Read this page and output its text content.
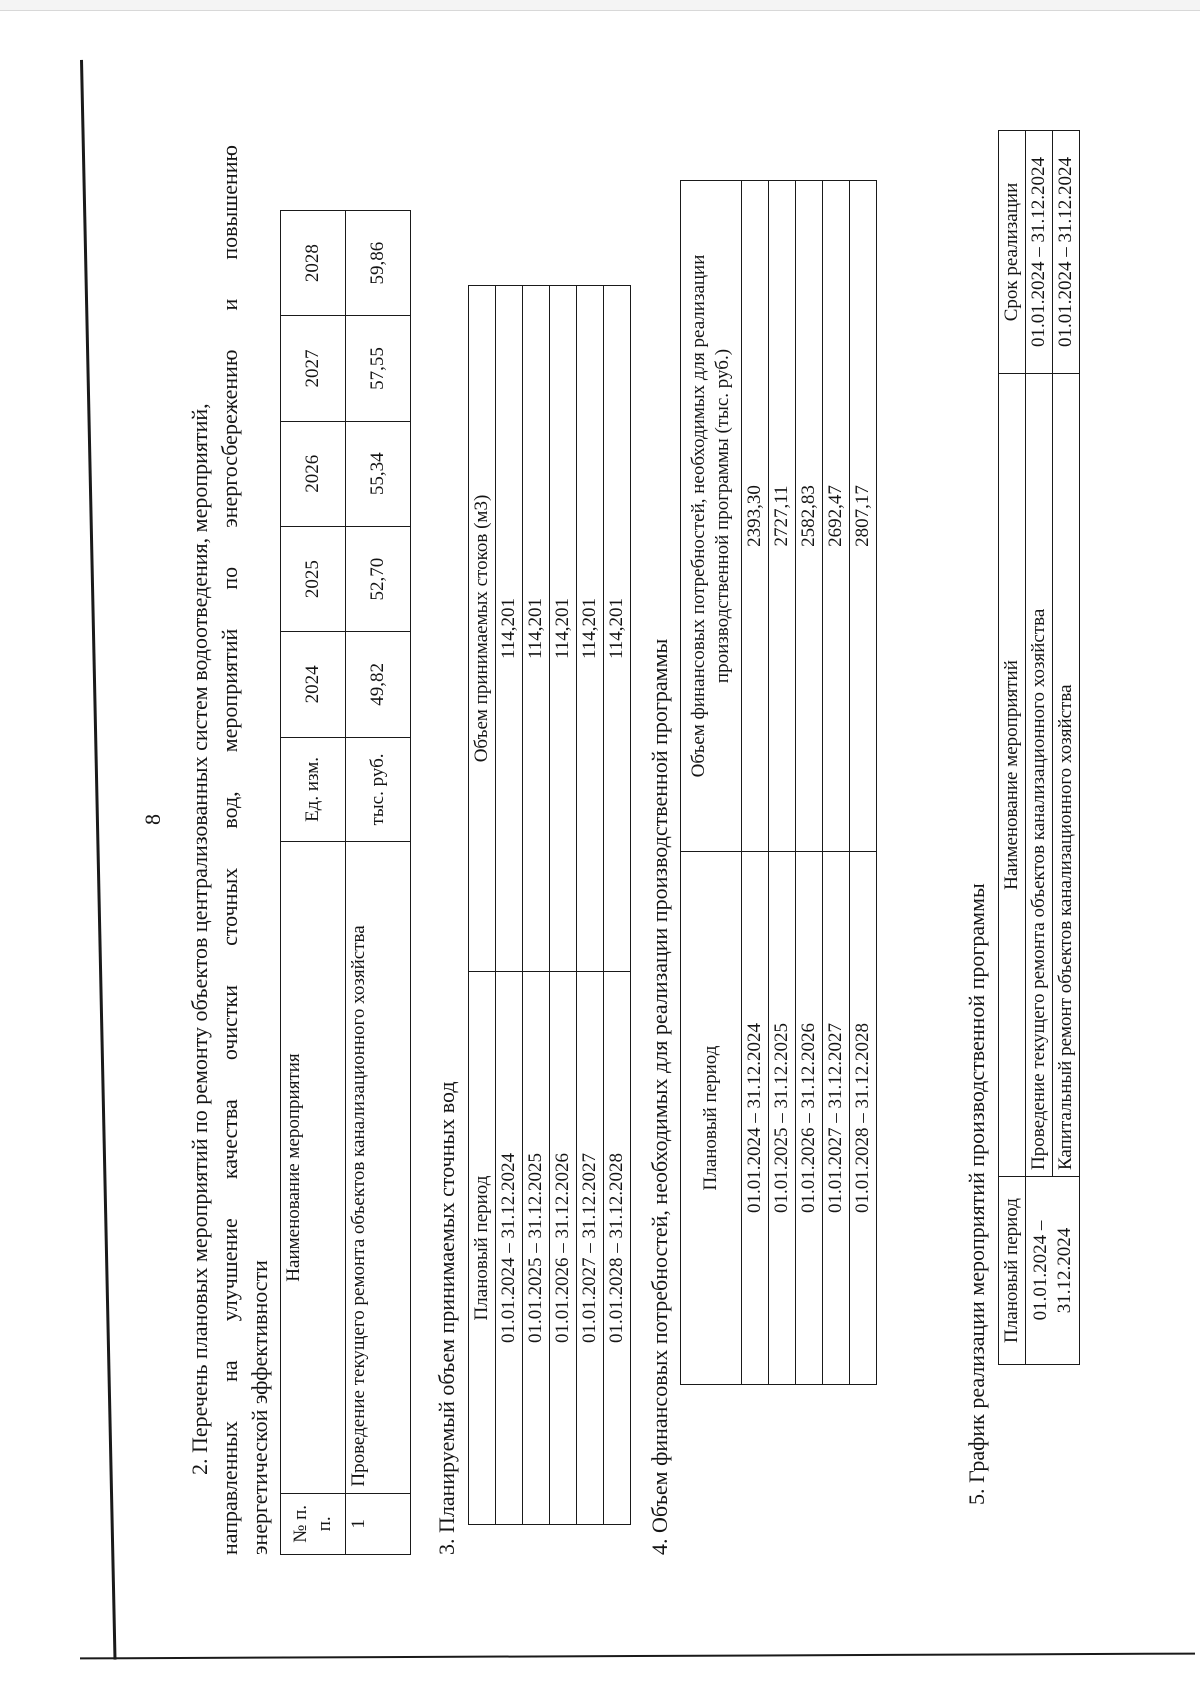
8 2. Перечень плановых мероприятий по ремонту объектов централизованных систем водоотведения, мероприятий, направленных на улучшение качества очистки сточных вод, мероприятий по энергосбережению и повышению энергетической эффективности № п. п.	Наименование мероприятия	Ед. изм.	2024	2025	2026	2027	2028
1	Проведение текущего ремонта объектов канализационного хозяйства	тыс. руб.	49,82	52,70	55,34	57,55	59,86
3. Планируемый объем принимаемых сточных вод Плановый период	Объем принимаемых стоков (м3)
01.01.2024 – 31.12.2024	114,201
01.01.2025 – 31.12.2025	114,201
01.01.2026 – 31.12.2026	114,201
01.01.2027 – 31.12.2027	114,201
01.01.2028 – 31.12.2028	114,201
4. Объем финансовых потребностей, необходимых для реализации производственной программы Плановый период	Объем финансовых потребностей, необходимых для реализации производственной программы (тыс. руб.)
01.01.2024 – 31.12.2024	2393,30
01.01.2025 – 31.12.2025	2727,11
01.01.2026 – 31.12.2026	2582,83
01.01.2027 – 31.12.2027	2692,47
01.01.2028 – 31.12.2028	2807,17
5. График реализации мероприятий производственной программы Плановый период	Наименование мероприятий	Срок реализации
01.01.2024 – 31.12.2024	Проведение текущего ремонта объектов канализационного хозяйства	01.01.2024 – 31.12.2024
	Капитальный ремонт объектов канализационного хозяйства	01.01.2024 – 31.12.2024
